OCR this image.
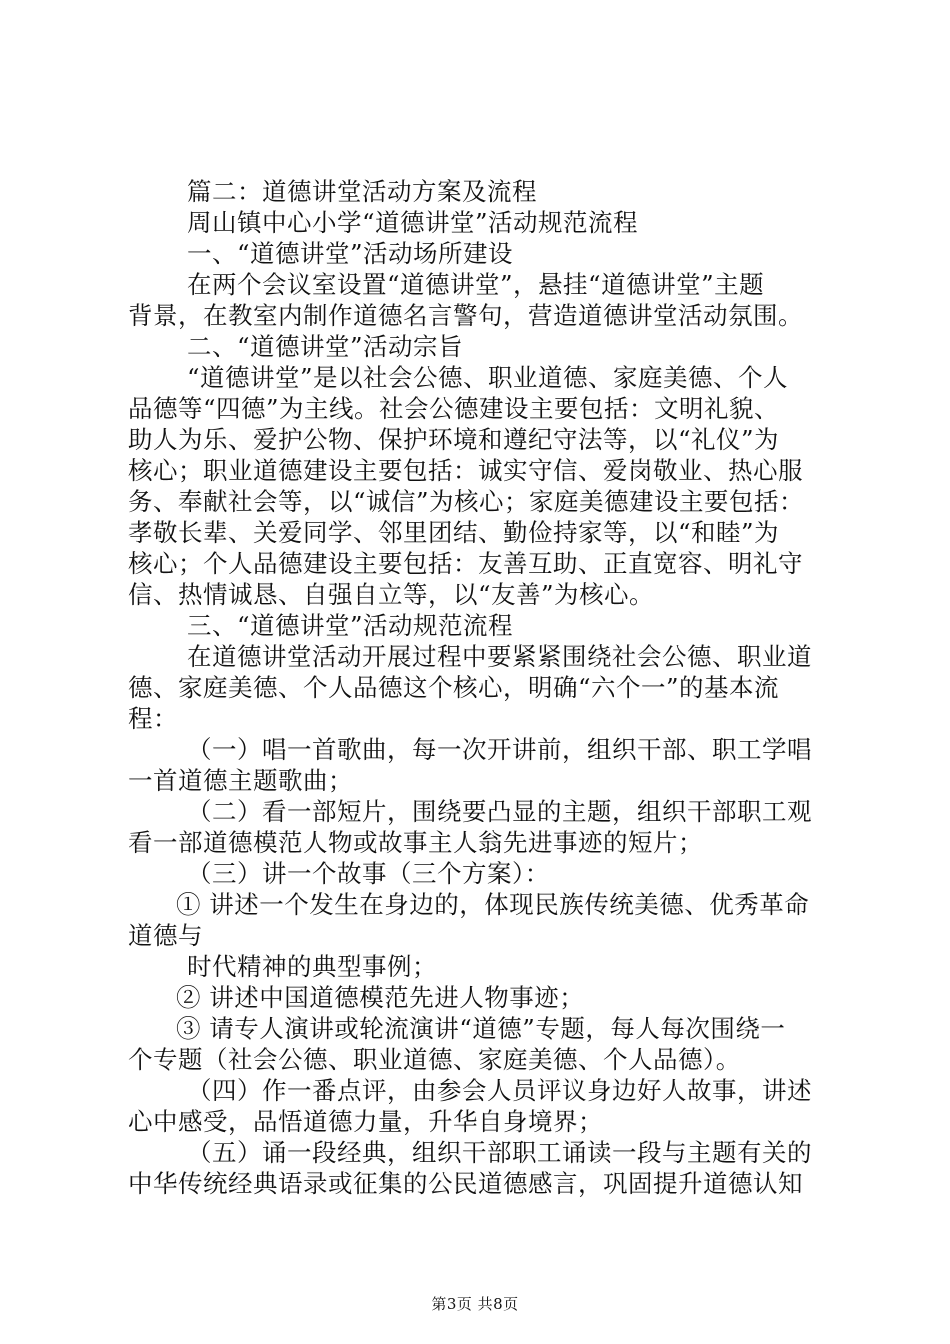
篇二：道德讲堂活动方案及流程
周山镇中心小学“道德讲堂”活动规范流程
一、“道德讲堂”活动场所建设
在两个会议室设置“道德讲堂”，悬挂“道德讲堂”主题
背景，在教室内制作道德名言警句，营造道德讲堂活动氛围。
二、“道德讲堂”活动宗旨
“道德讲堂”是以社会公德、职业道德、家庭美德、个人
品德等“四德”为主线。社会公德建设主要包括：文明礼貌、
助人为乐、爱护公物、保护环境和遵纪守法等，以“礼仪”为
核心；职业道德建设主要包括：诚实守信、爱岗敬业、热心服
务、奉献社会等，以“诚信”为核心；家庭美德建设主要包括：
孝敬长辈、关爱同学、邻里团结、勤俭持家等，以“和睦”为
核心；个人品德建设主要包括：友善互助、正直宽容、明礼守
信、热情诚恳、自强自立等，以“友善”为核心。
三、“道德讲堂”活动规范流程
在道德讲堂活动开展过程中要紧紧围绕社会公德、职业道
德、家庭美德、个人品德这个核心，明确“六个一”的基本流
程：
（一）唱一首歌曲，每一次开讲前，组织干部、职工学唱
一首道德主题歌曲；
（二）看一部短片，围绕要凸显的主题，组织干部职工观
看一部道德模范人物或故事主人翁先进事迹的短片；
（三）讲一个故事（三个方案）：
① 讲述一个发生在身边的，体现民族传统美德、优秀革命
道德与
时代精神的典型事例；
② 讲述中国道德模范先进人物事迹；
③ 请专人演讲或轮流演讲“道德”专题，每人每次围绕一
个专题（社会公德、职业道德、家庭美德、个人品德）。
（四）作一番点评，由参会人员评议身边好人故事，讲述
心中感受，品悟道德力量，升华自身境界；
（五）诵一段经典，组织干部职工诵读一段与主题有关的
中华传统经典语录或征集的公民道德感言，巩固提升道德认知
第3页 共8页
